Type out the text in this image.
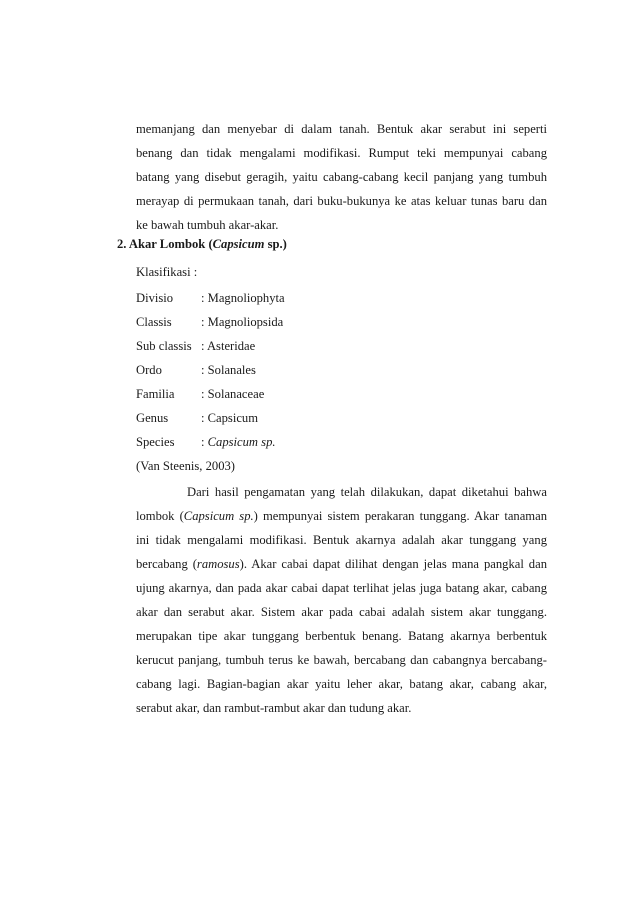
memanjang dan menyebar di dalam tanah. Bentuk akar serabut ini seperti
benang dan tidak mengalami modifikasi. Rumput teki mempunyai cabang
batang yang disebut geragih, yaitu cabang-cabang kecil panjang yang tumbuh
merayap di permukaan tanah, dari buku-bukunya ke atas keluar tunas baru dan
ke bawah tumbuh akar-akar.
2. Akar Lombok (Capsicum sp.)
Klasifikasi :
Divisio : Magnoliophyta
Classis : Magnoliopsida
Sub classis : Asteridae
Ordo	: Solanales
Familia : Solanaceae
Genus	: Capsicum
Species : Capsicum sp.
(Van Steenis, 2003)
Dari hasil pengamatan yang telah dilakukan, dapat diketahui bahwa
lombok (Capsicum sp.) mempunyai sistem perakaran tunggang. Akar tanaman
ini tidak mengalami modifikasi. Bentuk akarnya adalah akar tunggang yang
bercabang (ramosus). Akar cabai dapat dilihat dengan jelas mana pangkal dan
ujung akarnya, dan pada akar cabai dapat terlihat jelas juga batang akar, cabang
akar dan serabut akar. Sistem akar pada cabai adalah sistem akar tunggang.
merupakan tipe akar tunggang berbentuk benang. Batang akarnya berbentuk
kerucut panjang, tumbuh terus ke bawah, bercabang dan cabangnya bercabang-
cabang lagi. Bagian-bagian akar yaitu leher akar, batang akar, cabang akar,
serabut akar, dan rambut-rambut akar dan tudung akar.
